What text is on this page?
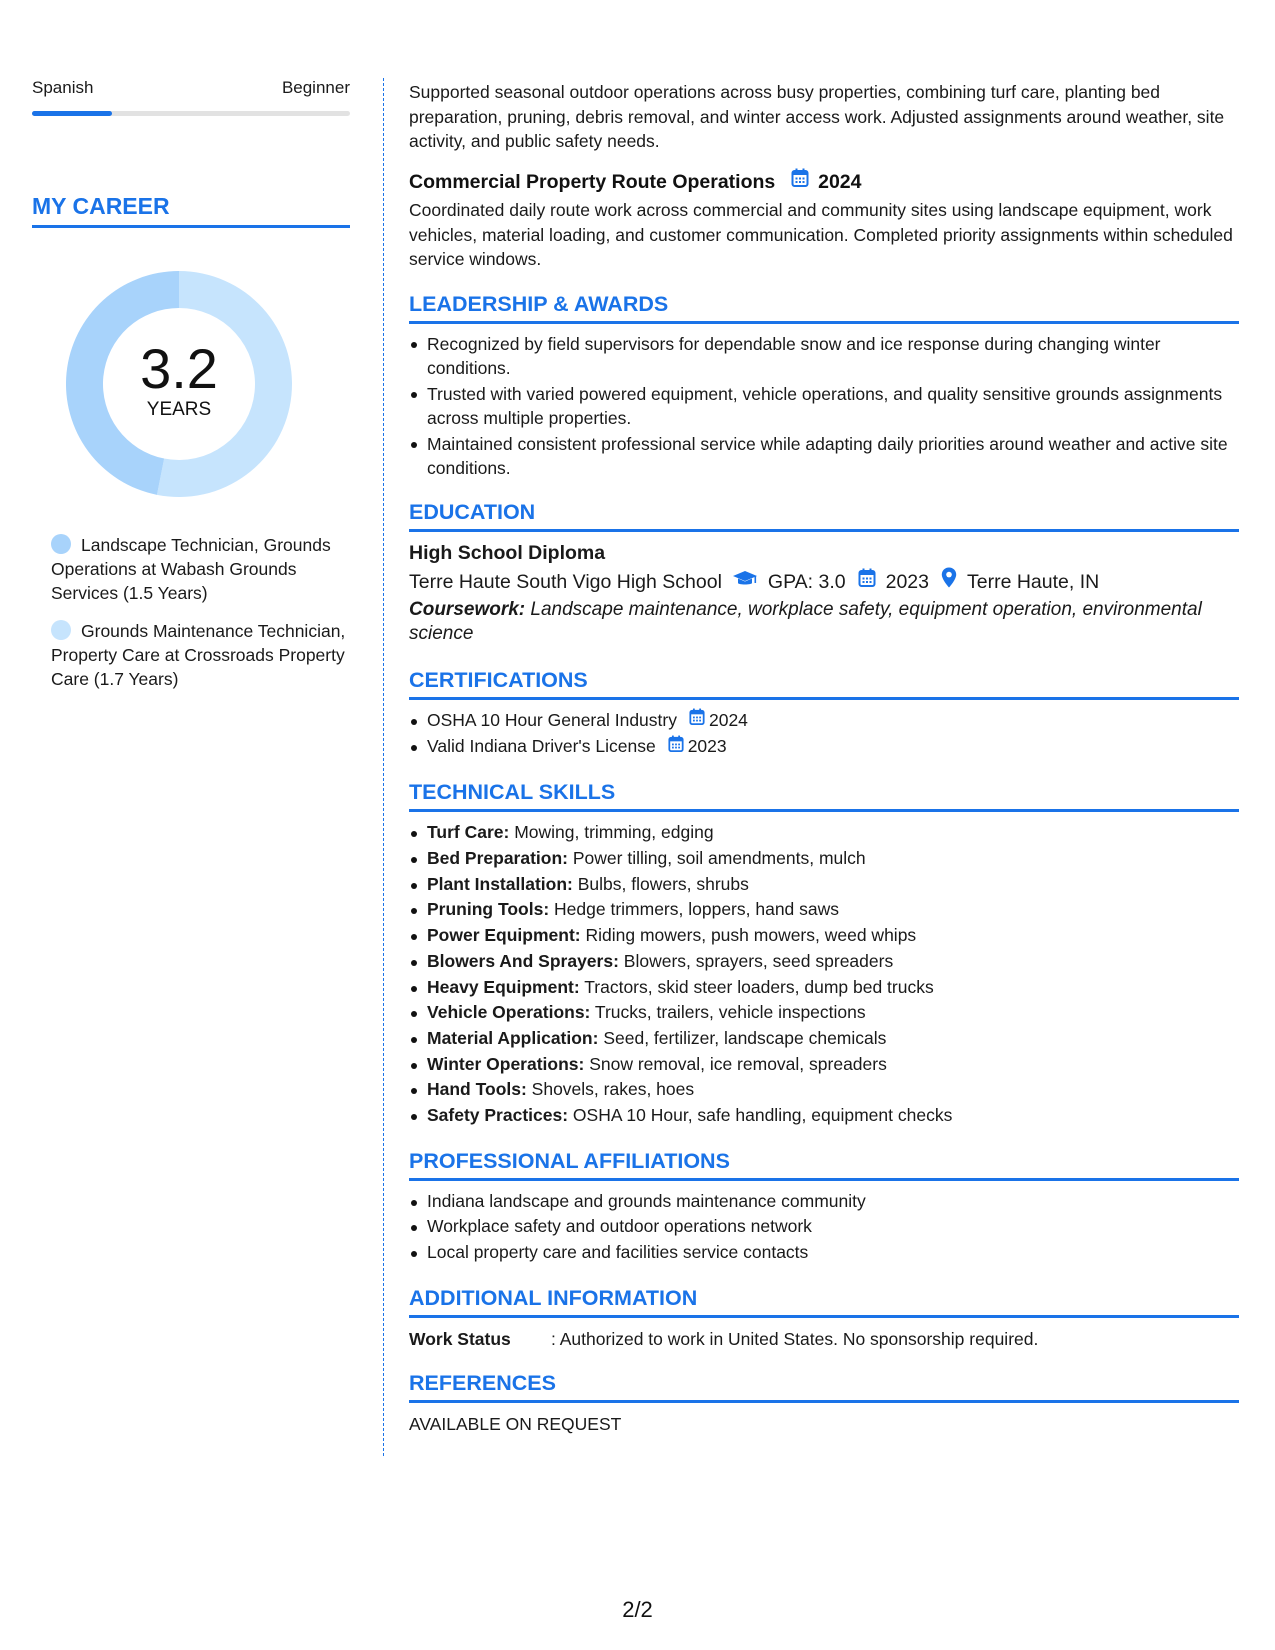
Spanish	Beginner
MY CAREER
3.2
YEARS
Landscape Technician, Grounds Operations at Wabash Grounds Services (1.5 Years)
Grounds Maintenance Technician, Property Care at Crossroads Property Care (1.7 Years)

Supported seasonal outdoor operations across busy properties, combining turf care, planting bed preparation, pruning, debris removal, and winter access work. Adjusted assignments around weather, site activity, and public safety needs.

Commercial Property Route Operations 2024

Coordinated daily route work across commercial and community sites using landscape equipment, work vehicles, material loading, and customer communication. Completed priority assignments within scheduled service windows.

LEADERSHIP & AWARDS
Recognized by field supervisors for dependable snow and ice response during changing winter conditions.
Trusted with varied powered equipment, vehicle operations, and quality sensitive grounds assignments across multiple properties.
Maintained consistent professional service while adapting daily priorities around weather and active site conditions.
EDUCATION
High School Diploma
Terre Haute South Vigo High School GPA: 3.0 2023 Terre Haute, IN
Coursework: Landscape maintenance, workplace safety, equipment operation, environmental science
CERTIFICATIONS
OSHA 10 Hour General Industry 2024
Valid Indiana Driver's License 2023
TECHNICAL SKILLS
Turf Care: Mowing, trimming, edging
Bed Preparation: Power tilling, soil amendments, mulch
Plant Installation: Bulbs, flowers, shrubs
Pruning Tools: Hedge trimmers, loppers, hand saws
Power Equipment: Riding mowers, push mowers, weed whips
Blowers And Sprayers: Blowers, sprayers, seed spreaders
Heavy Equipment: Tractors, skid steer loaders, dump bed trucks
Vehicle Operations: Trucks, trailers, vehicle inspections
Material Application: Seed, fertilizer, landscape chemicals
Winter Operations: Snow removal, ice removal, spreaders
Hand Tools: Shovels, rakes, hoes
Safety Practices: OSHA 10 Hour, safe handling, equipment checks
PROFESSIONAL AFFILIATIONS
Indiana landscape and grounds maintenance community
Workplace safety and outdoor operations network
Local property care and facilities service contacts
ADDITIONAL INFORMATION
Work Status	: Authorized to work in United States. No sponsorship required.
REFERENCES

AVAILABLE ON REQUEST

2/2
